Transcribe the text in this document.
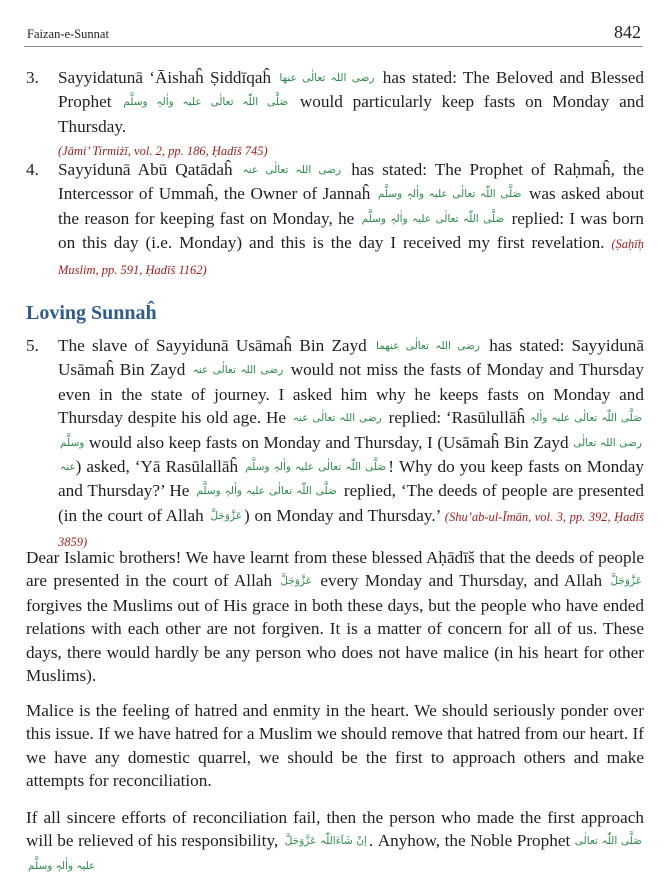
Faizan-e-Sunnat	842
3.	Sayyidatunā ‘Āishaĥ Ṣiddīqaĥ رضی اللہ تعالٰی عنھا has stated: The Beloved and Blessed Prophet صَلَّی اللّٰہ تعالٰی علیہ واٰلہٖ وسلَّم would particularly keep fasts on Monday and Thursday.
(Jāmi’ Tirmiżī, vol. 2, pp. 186, Ḥadīš 745)
4.	Sayyidunā Abū Qatādaĥ رضی اللہ تعالٰی عنہ has stated: The Prophet of Raḥmaĥ, the Intercessor of Ummaĥ, the Owner of Jannaĥ صَلَّی اللّٰہ تعالٰی علیہ واٰلہٖ وسلَّم was asked about the reason for keeping fast on Monday, he صَلَّی اللّٰہ تعالٰی علیہ واٰلہٖ وسلَّم replied: I was born on this day (i.e. Monday) and this is the day I received my first revelation. (Ṣaḥīḥ Muslim, pp. 591, Ḥadīš 1162)
Loving Sunnaĥ
5.	The slave of Sayyidunā Usāmaĥ Bin Zayd رضی اللہ تعالٰی عنھما has stated: Sayyidunā Usāmaĥ Bin Zayd رضی اللہ تعالٰی عنہ would not miss the fasts of Monday and Thursday even in the state of journey. I asked him why he keeps fasts on Monday and Thursday despite his old age. He رضی اللہ تعالٰی عنہ replied: ‘Rasūlullāĥ صَلَّی اللّٰہ تعالٰی علیہ واٰلہٖ وسلَّم would also keep fasts on Monday and Thursday, I (Usāmaĥ Bin Zayd رضی اللہ تعالٰی عنہ) asked, ‘Yā Rasūlallāĥ صَلَّی اللّٰہ تعالٰی علیہ واٰلہٖ وسلَّم ! Why do you keep fasts on Monday and Thursday?’ He صَلَّی اللّٰہ تعالٰی علیہ واٰلہٖ وسلَّم replied, ‘The deeds of people are presented (in the court of Allah عَزَّوَجَلَّ ) on Monday and Thursday.’ (Shu’ab-ul-Īmān, vol. 3, pp. 392, Ḥadīš 3859)
Dear Islamic brothers! We have learnt from these blessed Aḥādīš that the deeds of people are presented in the court of Allah عَزَّوَجَلَّ every Monday and Thursday, and Allah عَزَّوَجَلَّ forgives the Muslims out of His grace in both these days, but the people who have ended relations with each other are not forgiven. It is a matter of concern for all of us. These days, there would hardly be any person who does not have malice (in his heart for other Muslims).
Malice is the feeling of hatred and enmity in the heart. We should seriously ponder over this issue. If we have hatred for a Muslim we should remove that hatred from our heart. If we have any domestic quarrel, we should be the first to approach others and make attempts for reconciliation.
If all sincere efforts of reconciliation fail, then the person who made the first approach will be relieved of his responsibility, اِنْ شَآءَاللّٰہ عَزَّوَجَلَّ . Anyhow, the Noble Prophet صَلَّی اللّٰہ تعالٰی علیہ واٰلہٖ وسلَّم
